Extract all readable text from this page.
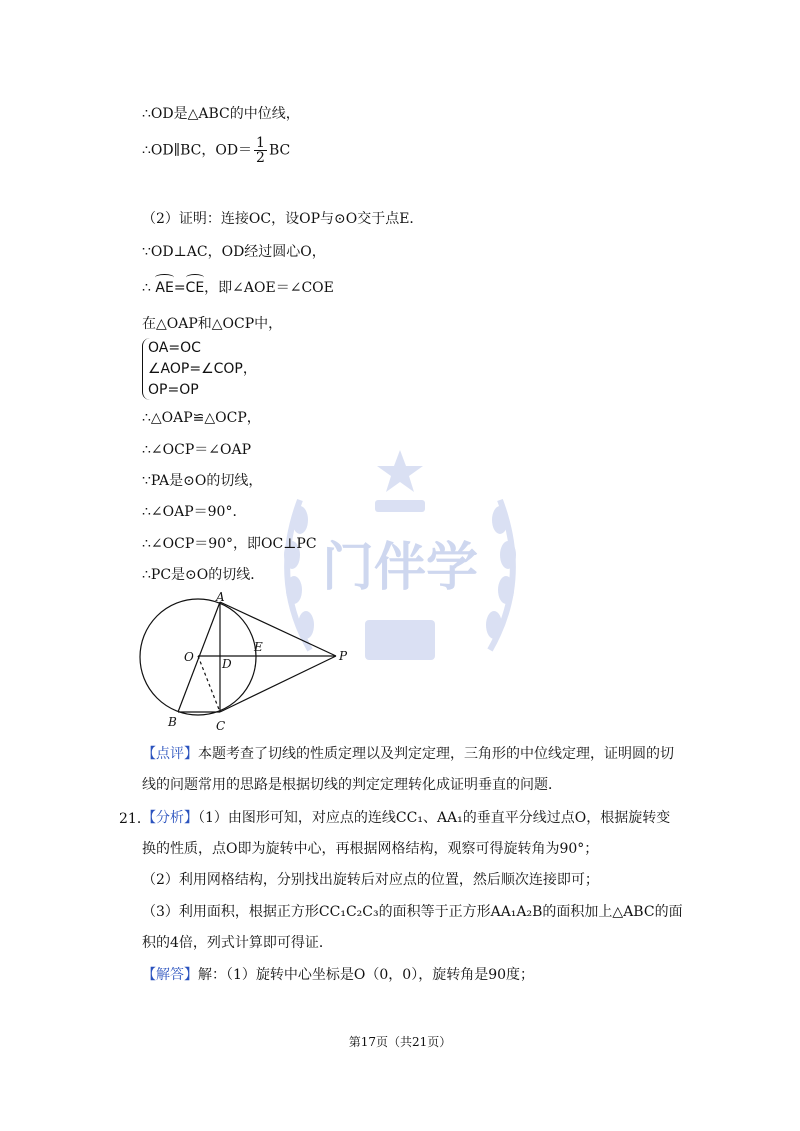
门伴学
∴OD是△ABC的中位线，
∴OD∥BC，$OD= \frac{1}{2}$ BC
（2）证明：连接OC，设OP与⊙O交于点E．
∵OD⊥AC，OD经过圆心O，
∴ AE=CE，即∠AOE＝∠COE
在△OAP和△OCP中，
OA=OC
∠AOP=∠COP，
OP=OP
∴△OAP≌△OCP，
∴∠OCP＝∠OAP
∵PA是⊙O的切线，
∴∠OAP＝90°．
∴∠OCP＝90°，即OC⊥PC
∴PC是⊙O的切线．
A
O D
E
P
B	C
【点评】本题考查了切线的性质定理以及判定定理，三角形的中位线定理，证明圆的切
线的问题常用的思路是根据切线的判定定理转化成证明垂直的问题．
21．
【分析】（1）由图形可知，对应点的连线CC₁、AA₁的垂直平分线过点O，根据旋转变
换的性质，点O即为旋转中心，再根据网格结构，观察可得旋转角为90°；
（2）利用网格结构，分别找出旋转后对应点的位置，然后顺次连接即可；
（3）利用面积，根据正方形CC₁C₂C₃的面积等于正方形AA₁A₂B的面积加上△ABC的面
积的4倍，列式计算即可得证．
【解答】解：（1）旋转中心坐标是O（0，0），旋转角是90度；
第17页（共21页）
